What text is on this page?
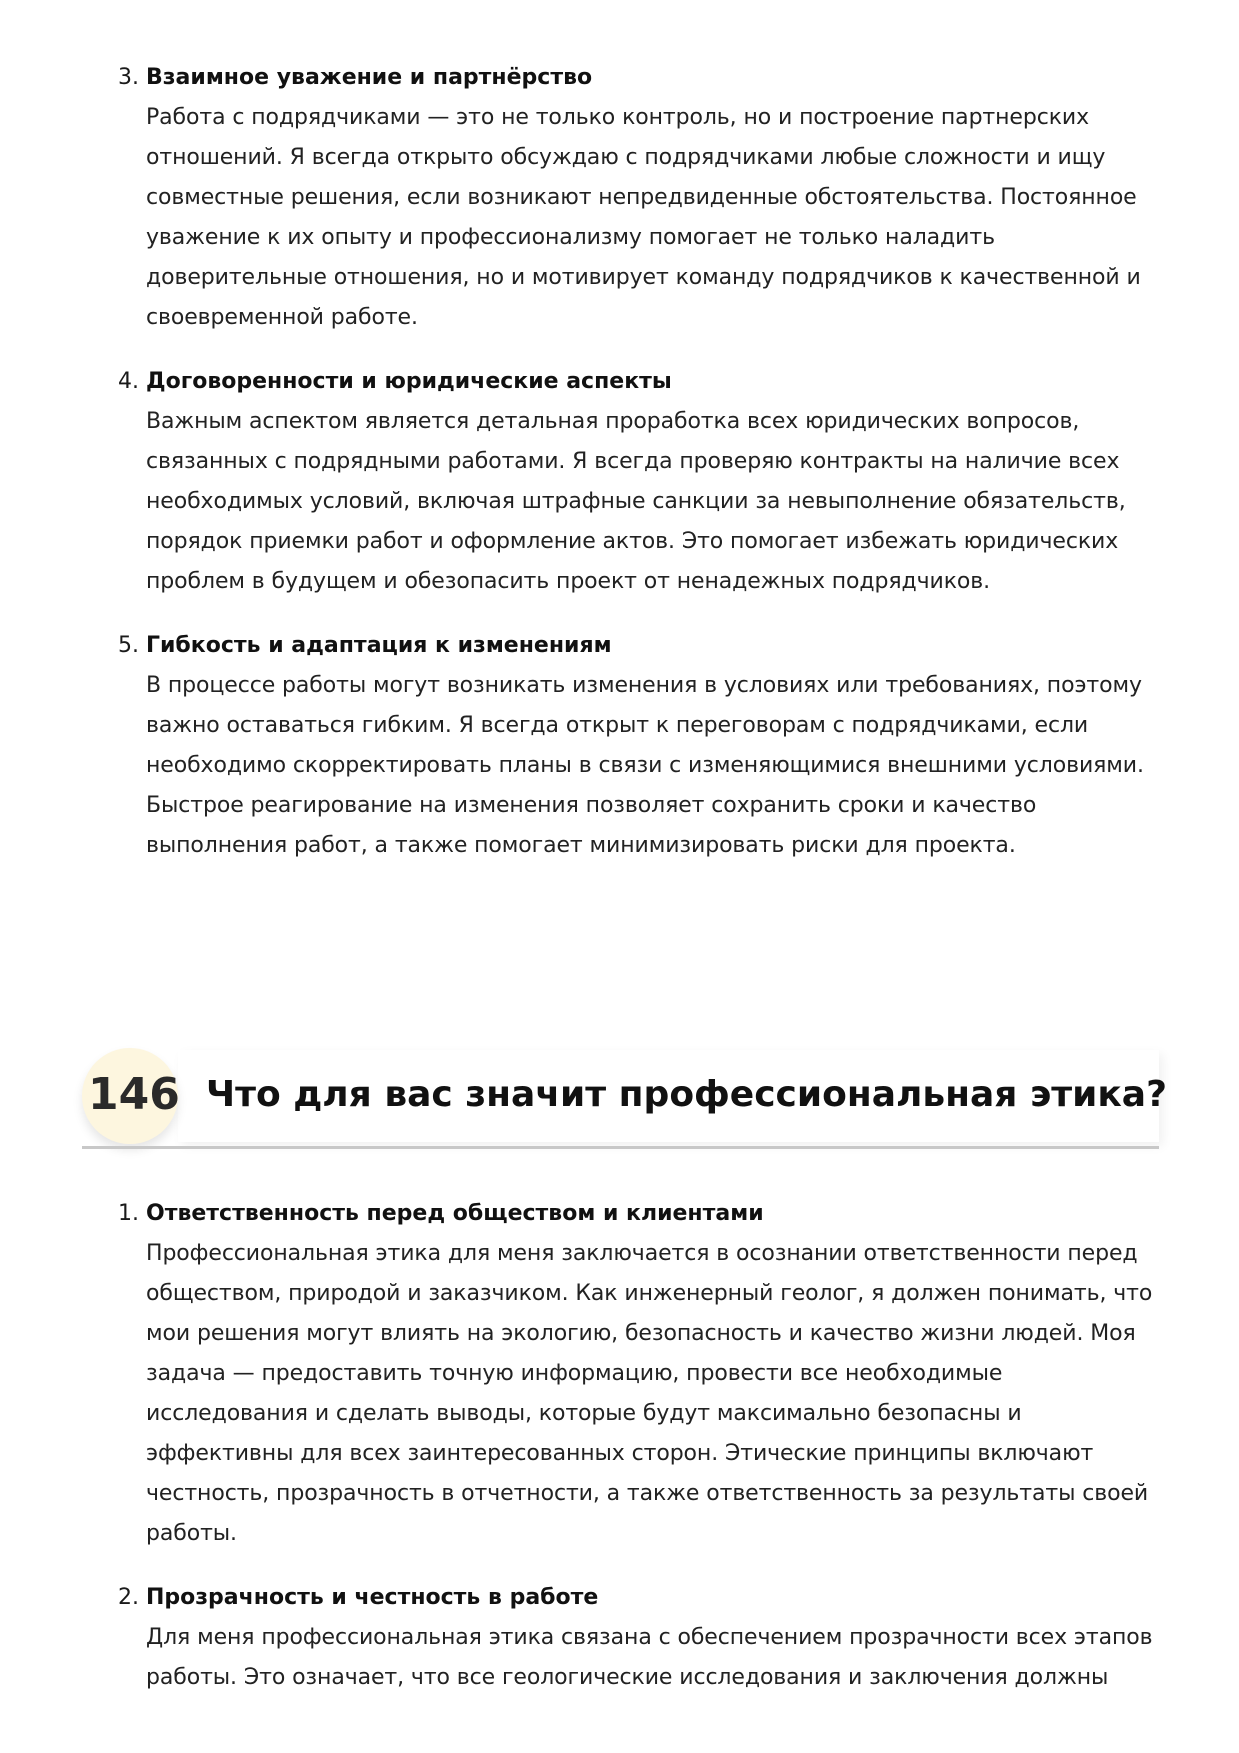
3. Взаимное уважение и партнёрство
Работа с подрядчиками — это не только контроль, но и построение партнерских
отношений. Я всегда открыто обсуждаю с подрядчиками любые сложности и ищу
совместные решения, если возникают непредвиденные обстоятельства. Постоянное
уважение к их опыту и профессионализму помогает не только наладить
доверительные отношения, но и мотивирует команду подрядчиков к качественной и
своевременной работе.
4. Договоренности и юридические аспекты
Важным аспектом является детальная проработка всех юридических вопросов,
связанных с подрядными работами. Я всегда проверяю контракты на наличие всех
необходимых условий, включая штрафные санкции за невыполнение обязательств,
порядок приемки работ и оформление актов. Это помогает избежать юридических
проблем в будущем и обезопасить проект от ненадежных подрядчиков.
5. Гибкость и адаптация к изменениям
В процессе работы могут возникать изменения в условиях или требованиях, поэтому
важно оставаться гибким. Я всегда открыт к переговорам с подрядчиками, если
необходимо скорректировать планы в связи с изменяющимися внешними условиями.
Быстрое реагирование на изменения позволяет сохранить сроки и качество
выполнения работ, а также помогает минимизировать риски для проекта.
146 Что для вас значит профессиональная этика?
1. Ответственность перед обществом и клиентами
Профессиональная этика для меня заключается в осознании ответственности перед
обществом, природой и заказчиком. Как инженерный геолог, я должен понимать, что
мои решения могут влиять на экологию, безопасность и качество жизни людей. Моя
задача — предоставить точную информацию, провести все необходимые
исследования и сделать выводы, которые будут максимально безопасны и
эффективны для всех заинтересованных сторон. Этические принципы включают
честность, прозрачность в отчетности, а также ответственность за результаты своей
работы.
2. Прозрачность и честность в работе
Для меня профессиональная этика связана с обеспечением прозрачности всех этапов
работы. Это означает, что все геологические исследования и заключения должны
